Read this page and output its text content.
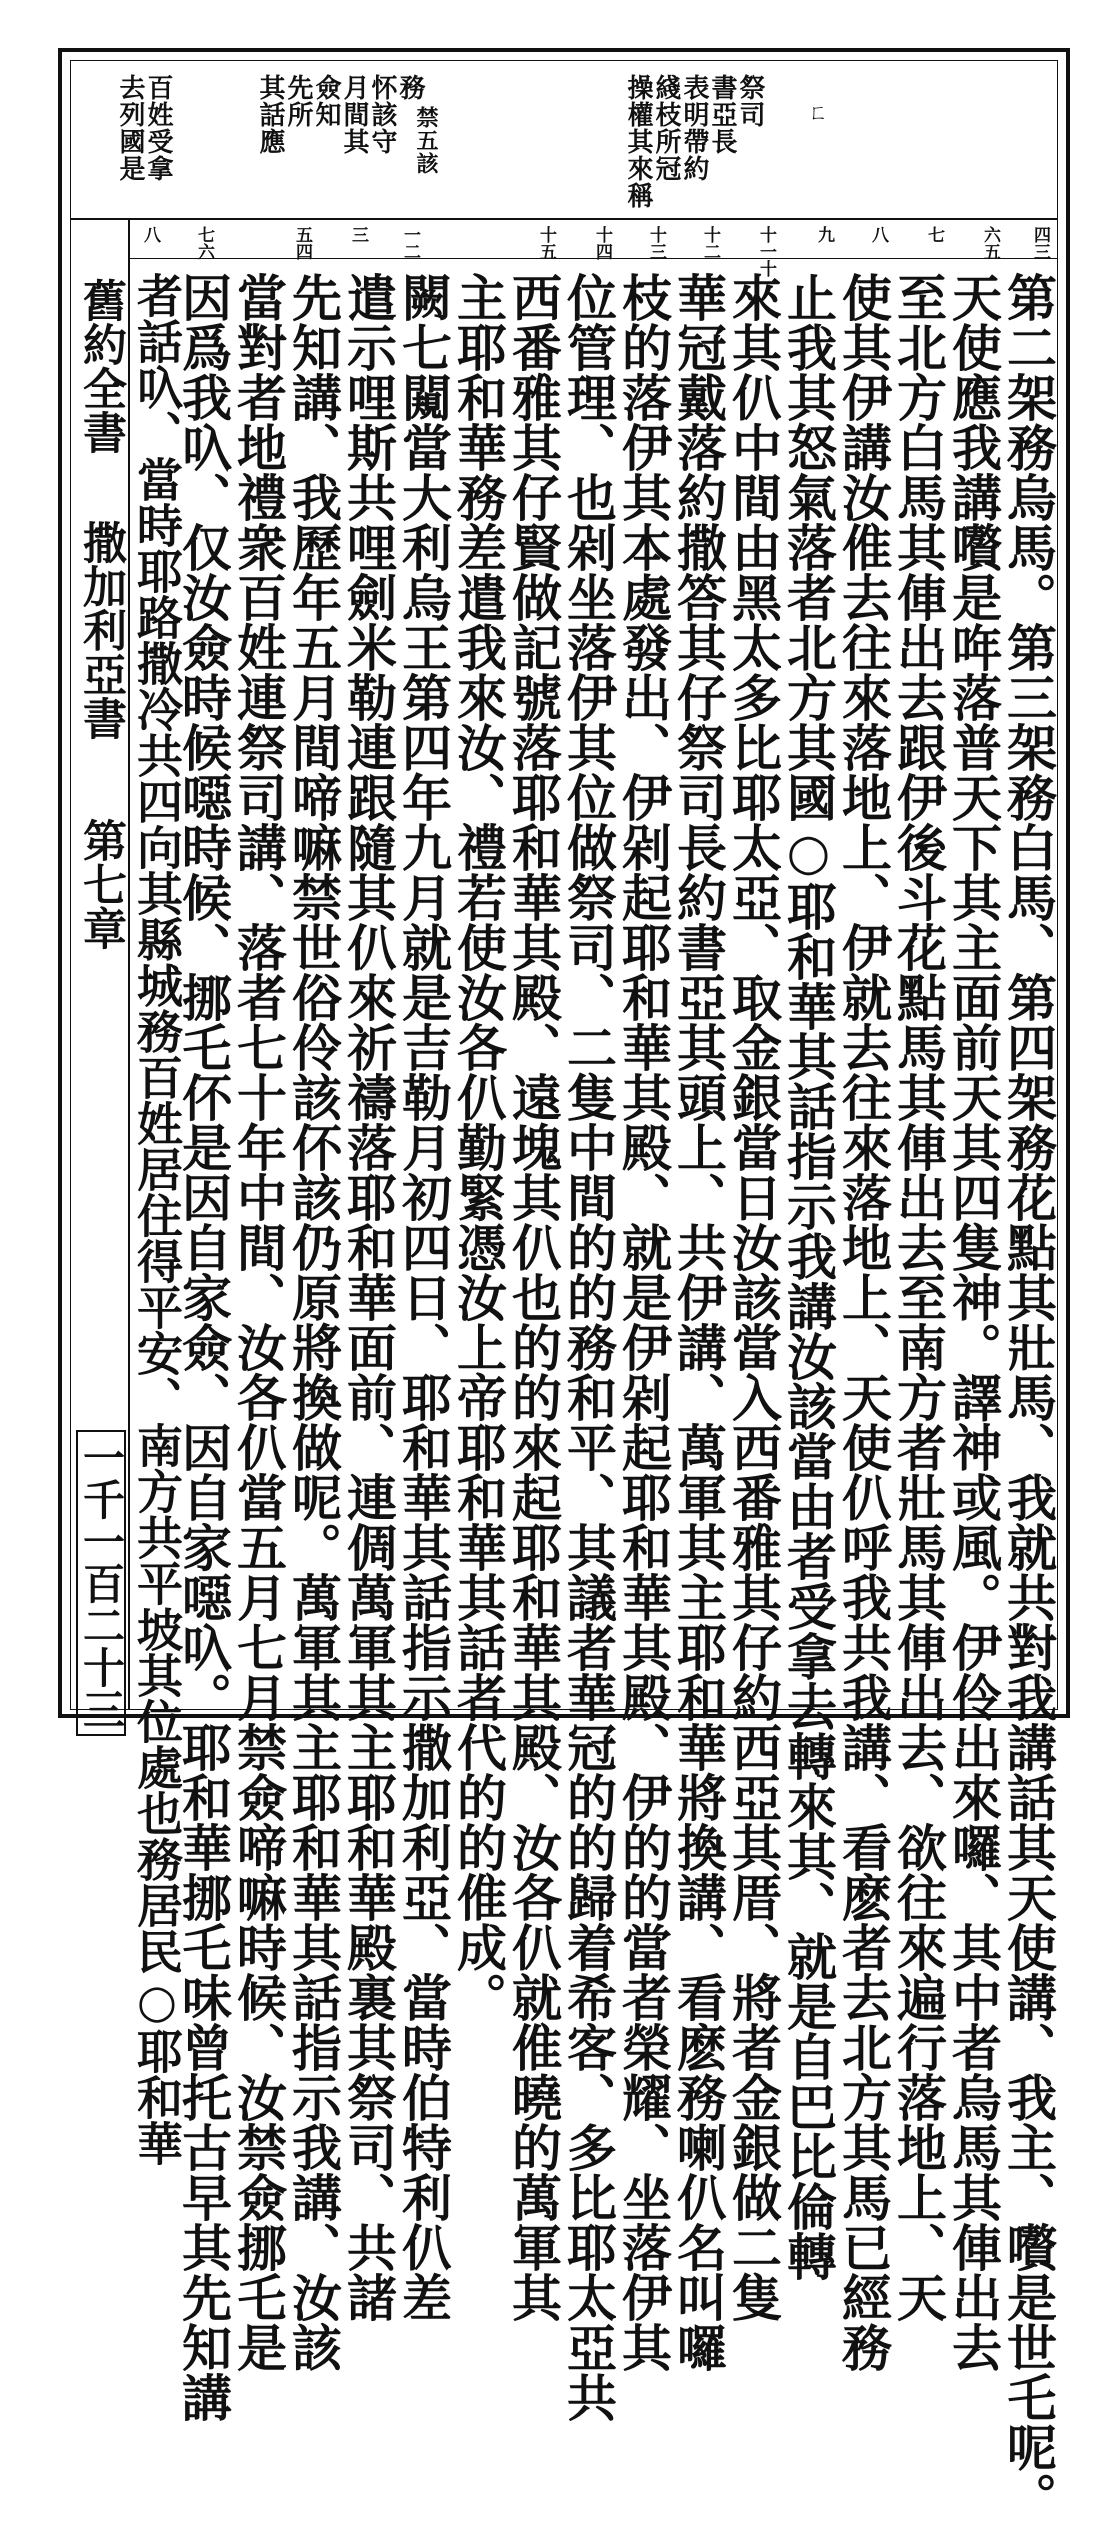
ㄈ
祭司
書亞長
表明帶約
綫枝所冠
操權其來稱
務
怀該守
月間其
僉知
先所
其話應	禁五該
百姓受拿
去列國是
四三
六五
七
八
九
十一十
十二
十三
十四
十五
一二
三
五四
七六
八
第二架務烏馬。第三架務白馬、第四架務花點其壯馬、我就共對我講話其天使講、我主、嚽是世乇呢。
天使應我講嚽是哖落普天下其主面前天其四隻神。譯神或風。伊伶出來囉、其中者烏馬其俥出去
至北方白馬其俥出去跟伊後斗花點馬其俥出去至南方者壯馬其俥出去、欲往來遍行落地上、天
使其伊講汝倠去往來落地上、伊就去往來落地上、天使仈呼我共我講、看麽者去北方其馬已經務
止我其怒氣落者北方其國○耶和華其話指示我講汝該當由者受拿去轉來其、就是自巴比倫轉
來其仈中間由黑太多比耶太亞、取金銀當日汝該當入西番雅其仔約西亞其厝、將者金銀做二隻
華冠戴落約撒答其仔祭司長約書亞其頭上、共伊講、萬軍其主耶和華將換講、看麽務喇仈名叫囉
枝的落伊其本處發出、伊剁起耶和華其殿、就是伊剁起耶和華其殿、伊的的當者榮耀、坐落伊其
位管理、也剁坐落伊其位做祭司、二隻中間的的務和平、其議者華冠的的歸着希客、多比耶太亞共
西番雅其仔賢做記號落耶和華其殿、遠塊其仈也的的來起耶和華其殿、汝各仈就倠曉的萬軍其
主耶和華務差遣我來汝、禮若使汝各仈勤緊憑汝上帝耶和華其話者代的的倠成。
闕七闚當大利烏王第四年九月就是吉勒月初四日、耶和華其話指示撒加利亞、當時伯特利仈差
遣示哩斯共哩劍米勒連跟隨其仈來祈禱落耶和華面前、連倜萬軍其主耶和華殿裏其祭司、共諸
先知講、我歷年五月間啼嘛禁世俗伶該伓該仍原將換做呢。萬軍其主耶和華其話指示我講、汝該
當對者地禮衆百姓連祭司講、落者七十年中間、汝各仈當五月七月禁僉啼嘛時候、汝禁僉挪乇是
因爲我叺、仅汝僉時候噁時候、挪乇伓是因自家僉、因自家噁叺。耶和華挪乇味曾托古早其先知講
者話叺、當時耶路撒冷共四向其縣城務百姓居住得平安、南方共平坡其位處也務居民○耶和華
舊約全書
撒加利亞書
第七章
一千一百二十三
